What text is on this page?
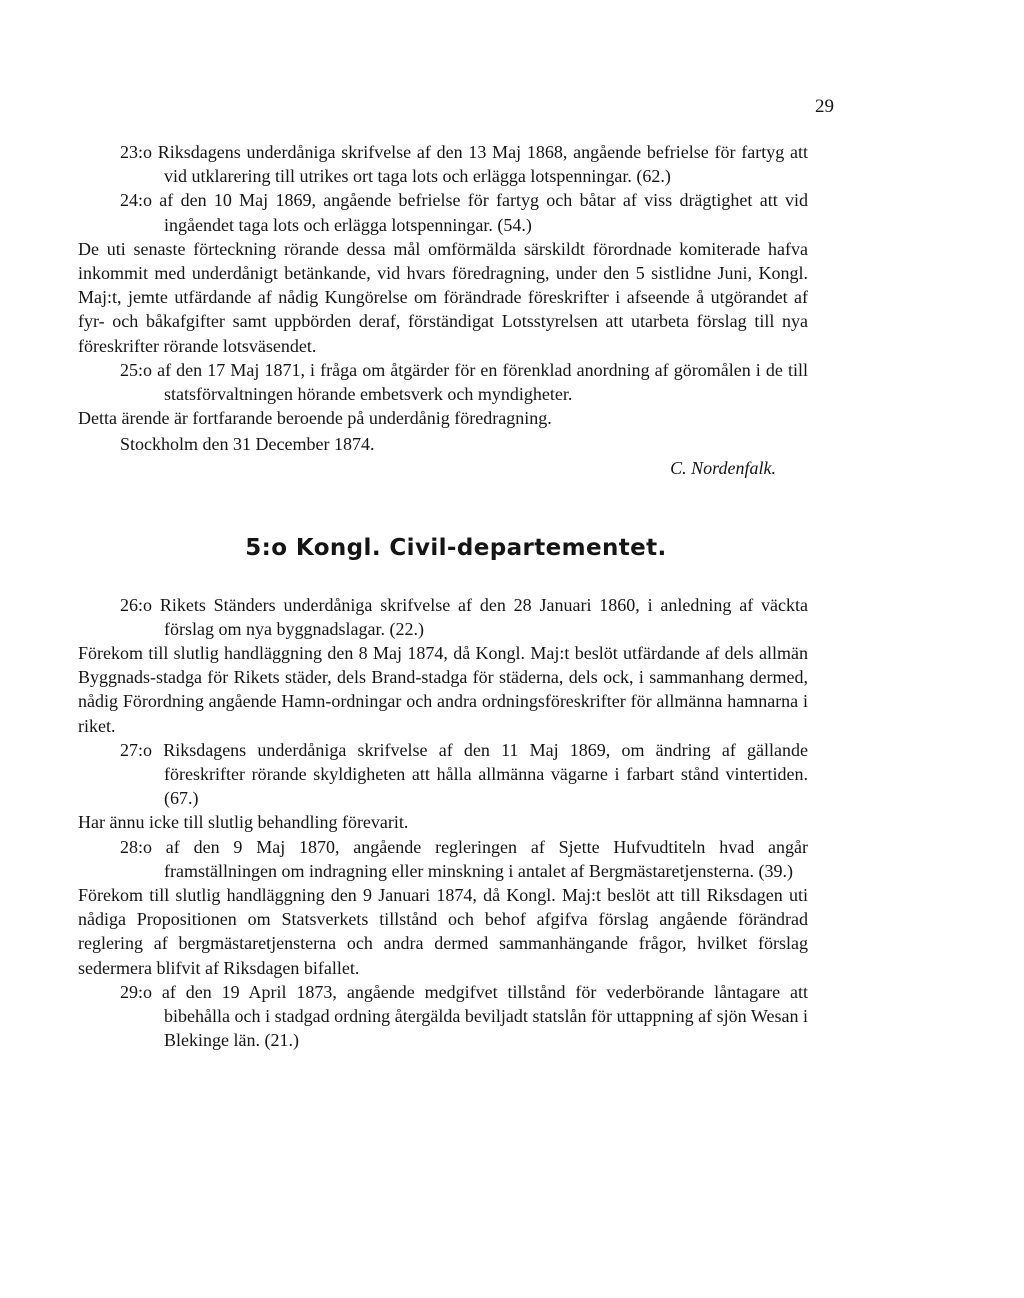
29

23:o Riksdagens underdåniga skrifvelse af den 13 Maj 1868, angående befrielse för fartyg att vid utklarering till utrikes ort taga lots och erlägga lotspenningar. (62.)

24:o af den 10 Maj 1869, angående befrielse för fartyg och båtar af viss drägtighet att vid ingåendet taga lots och erlägga lotspenningar. (54.)

De uti senaste förteckning rörande dessa mål omförmälda särskildt förordnade komiterade hafva inkommit med underdånigt betänkande, vid hvars föredragning, under den 5 sistlidne Juni, Kongl. Maj:t, jemte utfärdande af nådig Kungörelse om förändrade föreskrifter i afseende å utgörandet af fyr- och båkafgifter samt uppbörden deraf, förständigat Lotsstyrelsen att utarbeta förslag till nya föreskrifter rörande lotsväsendet.

25:o af den 17 Maj 1871, i fråga om åtgärder för en förenklad anordning af göromålen i de till statsförvaltningen hörande embetsverk och myndigheter.

Detta ärende är fortfarande beroende på underdånig föredragning.

Stockholm den 31 December 1874.
C. Nordenfalk.
5:o Kongl. Civil-departementet.

26:o Rikets Ständers underdåniga skrifvelse af den 28 Januari 1860, i anledning af väckta förslag om nya byggnadslagar. (22.)

Förekom till slutlig handläggning den 8 Maj 1874, då Kongl. Maj:t beslöt utfärdande af dels allmän Byggnads-stadga för Rikets städer, dels Brand-stadga för städerna, dels ock, i sammanhang dermed, nådig Förordning angående Hamn-ordningar och andra ordningsföreskrifter för allmänna hamnarna i riket.

27:o Riksdagens underdåniga skrifvelse af den 11 Maj 1869, om ändring af gällande föreskrifter rörande skyldigheten att hålla allmänna vägarne i farbart stånd vintertiden. (67.)

Har ännu icke till slutlig behandling förevarit.

28:o af den 9 Maj 1870, angående regleringen af Sjette Hufvudtiteln hvad angår framställningen om indragning eller minskning i antalet af Bergmästaretjensterna. (39.)

Förekom till slutlig handläggning den 9 Januari 1874, då Kongl. Maj:t beslöt att till Riksdagen uti nådiga Propositionen om Statsverkets tillstånd och behof afgifva förslag angående förändrad reglering af bergmästaretjensterna och andra dermed sammanhängande frågor, hvilket förslag sedermera blifvit af Riksdagen bifallet.

29:o af den 19 April 1873, angående medgifvet tillstånd för vederbörande låntagare att bibehålla och i stadgad ordning återgälda beviljadt statslån för uttappning af sjön Wesan i Blekinge län. (21.)
